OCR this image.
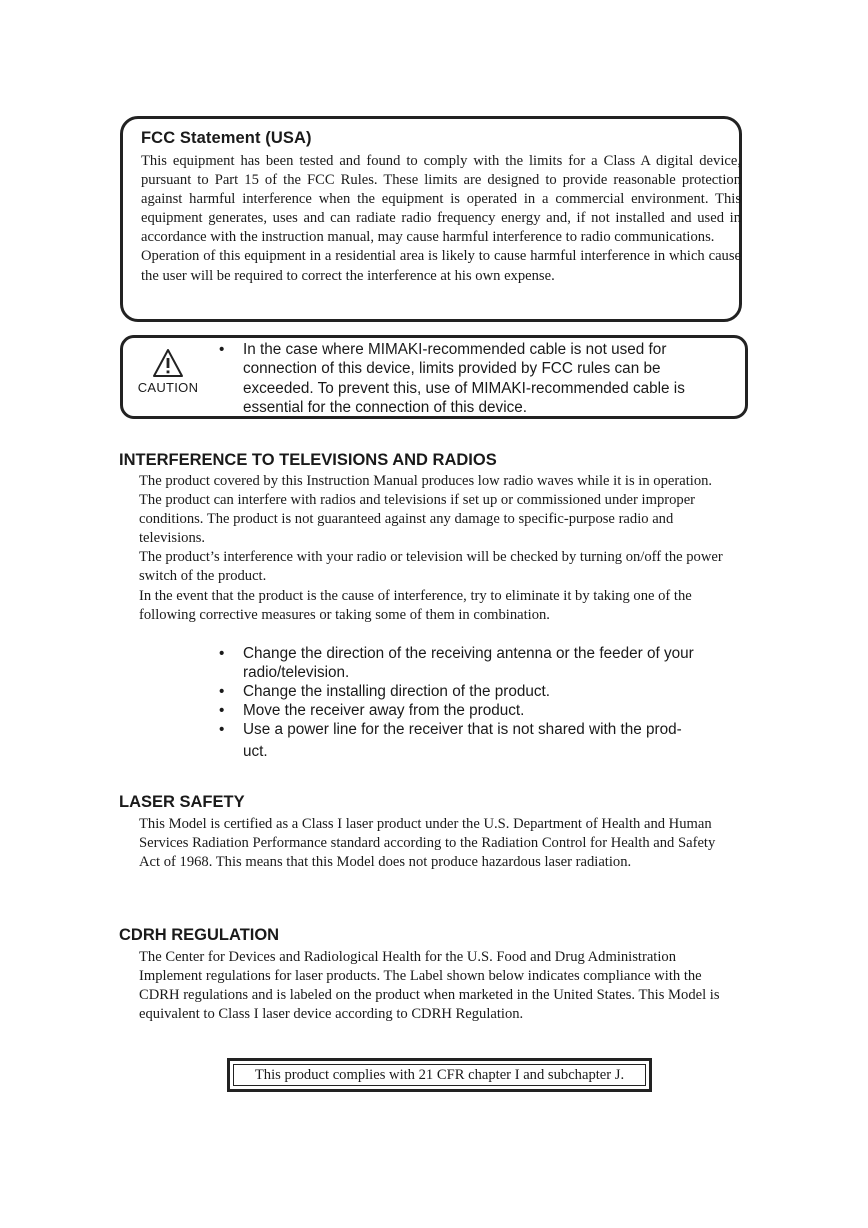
FCC Statement (USA)

This equipment has been tested and found to comply with the limits for a Class A digital device, pursuant to Part 15 of the FCC Rules. These limits are designed to provide reasonable protection against harmful interference when the equipment is operated in a commercial environment. This equipment generates, uses and can radiate radio frequency energy and, if not installed and used in accordance with the instruction manual, may cause harmful interference to radio communications.

Operation of this equipment in a residential area is likely to cause harmful interference in which cause the user will be required to correct the interference at his own expense.

CAUTION
•	In the case where MIMAKI-recommended cable is not used for connection of this device, limits provided by FCC rules can be exceeded. To prevent this, use of MIMAKI-recommended cable is essential for the connection of this device.
INTERFERENCE TO TELEVISIONS AND RADIOS

The product covered by this Instruction Manual produces low radio waves while it is in operation. The product can interfere with radios and televisions if set up or commissioned under improper conditions. The product is not guaranteed against any damage to specific-purpose radio and televisions.

The product’s interference with your radio or television will be checked by turning on/off the power switch of the product.

In the event that the product is the cause of interference, try to eliminate it by taking one of the following corrective measures or taking some of them in combination.

•	Change the direction of the receiving antenna or the feeder of your radio/television.
•	Change the installing direction of the product.
•	Move the receiver away from the product.
•	Use a power line for the receiver that is not shared with the prod-
uct.
LASER SAFETY

This Model is certified as a Class I laser product under the U.S. Department of Health and Human Services Radiation Performance standard according to the Radiation Control for Health and Safety Act of 1968. This means that this Model does not produce hazardous laser radiation.

CDRH REGULATION

The Center for Devices and Radiological Health for the U.S. Food and Drug Administration Implement regulations for laser products. The Label shown below indicates compliance with the CDRH regulations and is labeled on the product when marketed in the United States. This Model is equivalent to Class I laser device according to CDRH Regulation.

This product complies with 21 CFR chapter I and subchapter J.
